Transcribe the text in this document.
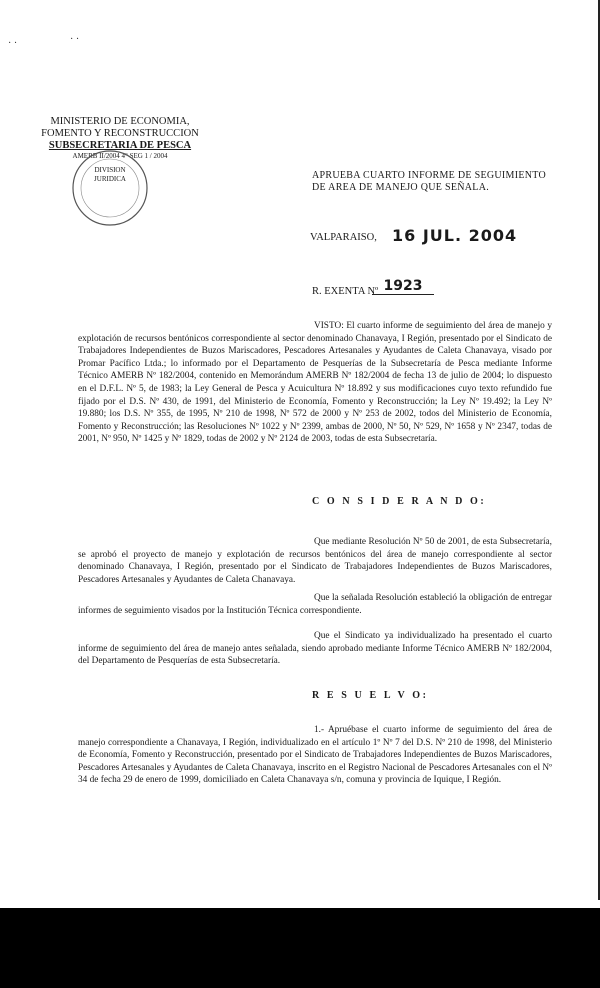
· ·	· ·
MINISTERIO DE ECONOMIA,
FOMENTO Y RECONSTRUCCION
SUBSECRETARIA DE PESCA
AMERB II/2004 4° SEG 1 / 2004
DIVISION
JURIDICA	APRUEBA CUARTO INFORME DE SEGUIMIENTO
DE AREA DE MANEJO QUE SEÑALA.
VALPARAISO, 16 JUL. 2004
R. EXENTA Nº 1923

VISTO: El cuarto informe de seguimiento del área de manejo y explotación de recursos bentónicos correspondiente al sector denominado Chanavaya, I Región, presentado por el Sindicato de Trabajadores Independientes de Buzos Mariscadores, Pescadores Artesanales y Ayudantes de Caleta Chanavaya, visado por Promar Pacífico Ltda.; lo informado por el Departamento de Pesquerías de la Subsecretaría de Pesca mediante Informe Técnico AMERB Nº 182/2004, contenido en Memorándum AMERB Nº 182/2004 de fecha 13 de julio de 2004; lo dispuesto en el D.F.L. Nº 5, de 1983; la Ley General de Pesca y Acuicultura Nº 18.892 y sus modificaciones cuyo texto refundido fue fijado por el D.S. Nº 430, de 1991, del Ministerio de Economía, Fomento y Reconstrucción; la Ley Nº 19.492; la Ley Nº 19.880; los D.S. Nº 355, de 1995, Nº 210 de 1998, Nº 572 de 2000 y Nº 253 de 2002, todos del Ministerio de Economía, Fomento y Reconstrucción; las Resoluciones Nº 1022 y Nº 2399, ambas de 2000, Nº 50, Nº 529, Nº 1658 y Nº 2347, todas de 2001, Nº 950, Nº 1425 y Nº 1829, todas de 2002 y Nº 2124 de 2003, todas de esta Subsecretaría.

C O N S I D E R A N D O:

Que mediante Resolución Nº 50 de 2001, de esta Subsecretaría, se aprobó el proyecto de manejo y explotación de recursos bentónicos del área de manejo correspondiente al sector denominado Chanavaya, I Región, presentado por el Sindicato de Trabajadores Independientes de Buzos Mariscadores, Pescadores Artesanales y Ayudantes de Caleta Chanavaya.

Que la señalada Resolución estableció la obligación de entregar informes de seguimiento visados por la Institución Técnica correspondiente.

Que el Sindicato ya individualizado ha presentado el cuarto informe de seguimiento del área de manejo antes señalada, siendo aprobado mediante Informe Técnico AMERB Nº 182/2004, del Departamento de Pesquerías de esta Subsecretaría.

R E S U E L V O:

1.- Apruébase el cuarto informe de seguimiento del área de manejo correspondiente a Chanavaya, I Región, individualizado en el artículo 1º Nº 7 del D.S. Nº 210 de 1998, del Ministerio de Economía, Fomento y Reconstrucción, presentado por el Sindicato de Trabajadores Independientes de Buzos Mariscadores, Pescadores Artesanales y Ayudantes de Caleta Chanavaya, inscrito en el Registro Nacional de Pescadores Artesanales con el Nº 34 de fecha 29 de enero de 1999, domiciliado en Caleta Chanavaya s/n, comuna y provincia de Iquique, I Región.
